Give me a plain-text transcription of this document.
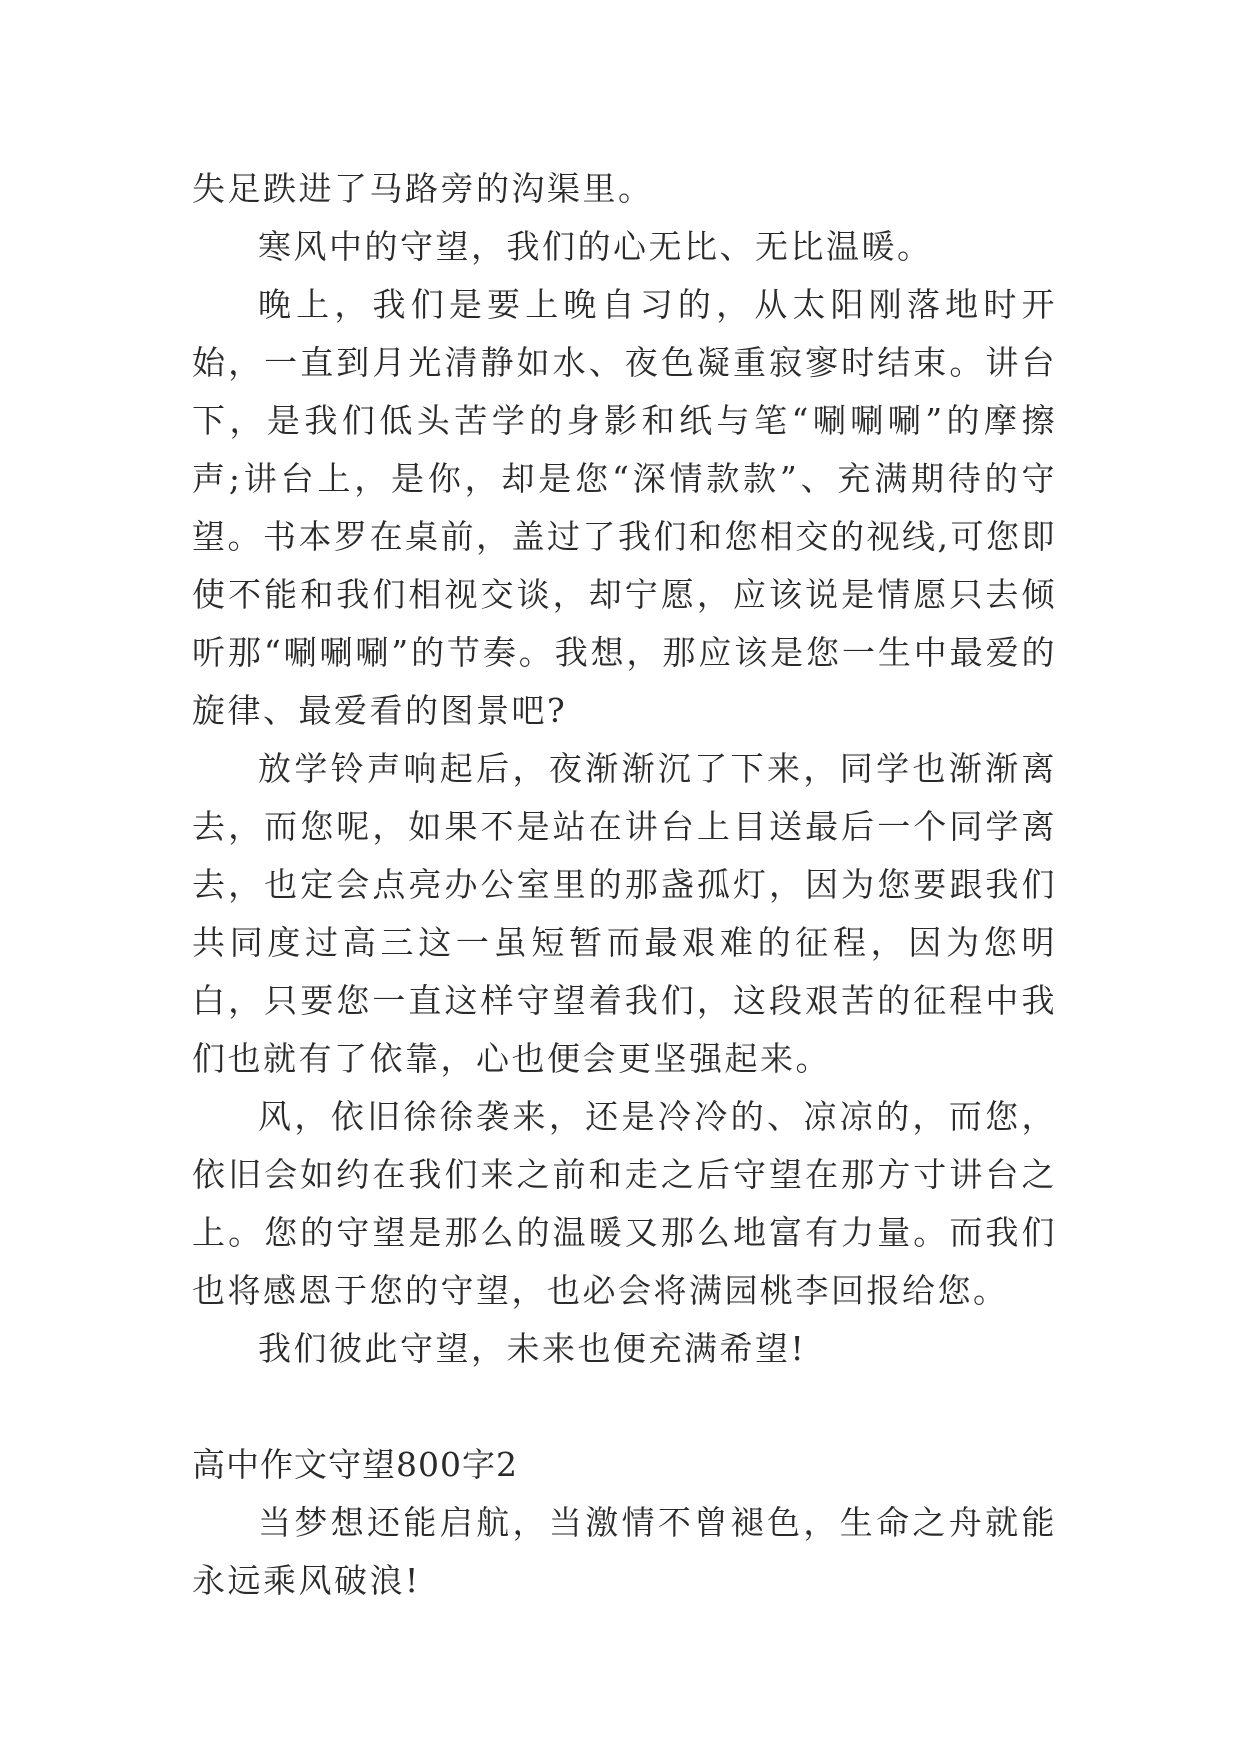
失足跌进了马路旁的沟渠里。

寒风中的守望，我们的心无比、无比温暖。

晚上，我们是要上晚自习的，从太阳刚落地时开始，一直到月光清静如水、夜色凝重寂寥时结束。讲台下，是我们低头苦学的身影和纸与笔“唰唰唰”的摩擦声;讲台上，是你，却是您“深情款款”、充满期待的守望。书本罗在桌前，盖过了我们和您相交的视线,可您即使不能和我们相视交谈，却宁愿，应该说是情愿只去倾听那“唰唰唰”的节奏。我想，那应该是您一生中最爱的旋律、最爱看的图景吧?

放学铃声响起后，夜渐渐沉了下来，同学也渐渐离去，而您呢，如果不是站在讲台上目送最后一个同学离去，也定会点亮办公室里的那盏孤灯，因为您要跟我们共同度过高三这一虽短暂而最艰难的征程，因为您明白，只要您一直这样守望着我们，这段艰苦的征程中我们也就有了依靠，心也便会更坚强起来。

风，依旧徐徐袭来，还是冷冷的、凉凉的，而您，依旧会如约在我们来之前和走之后守望在那方寸讲台之上。您的守望是那么的温暖又那么地富有力量。而我们也将感恩于您的守望，也必会将满园桃李回报给您。

我们彼此守望，未来也便充满希望!

高中作文守望800字2

当梦想还能启航，当激情不曾褪色，生命之舟就能永远乘风破浪!
